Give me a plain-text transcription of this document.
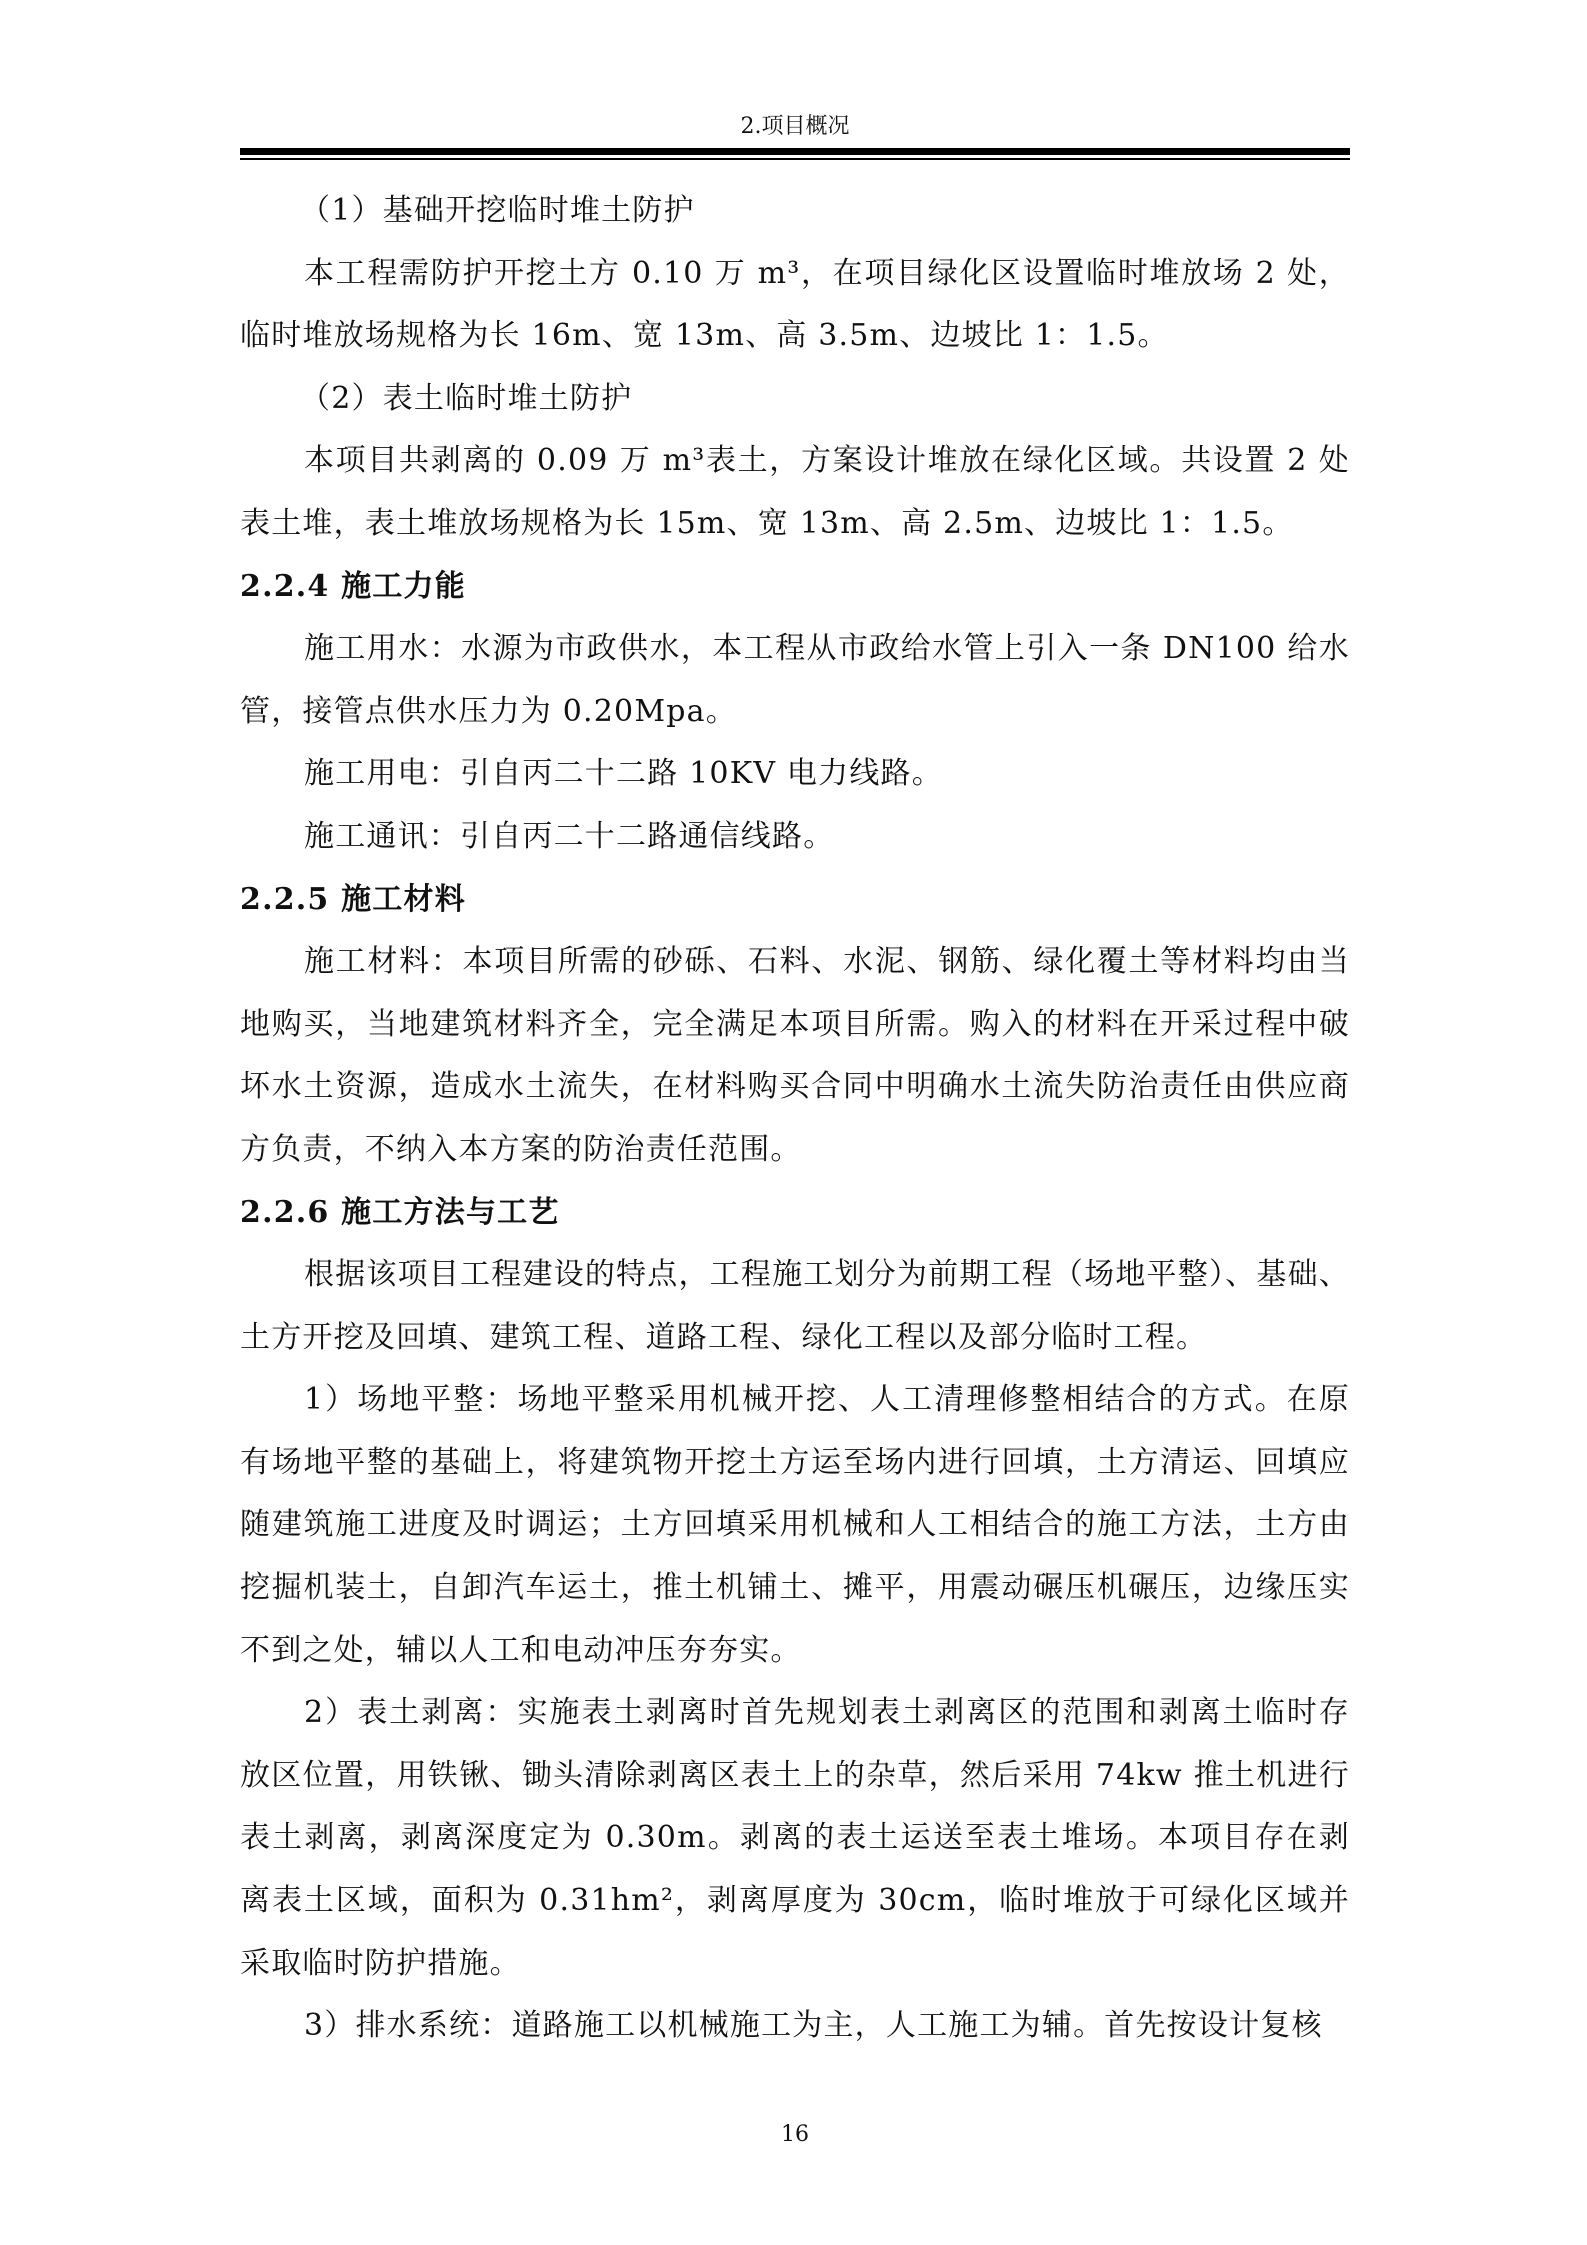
2.项目概况

（1）基础开挖临时堆土防护

本工程需防护开挖土方 0.10 万 m³，在项目绿化区设置临时堆放场 2 处，临时堆放场规格为长 16m、宽 13m、高 3.5m、边坡比 1：1.5。

（2）表土临时堆土防护

本项目共剥离的 0.09 万 m³表土，方案设计堆放在绿化区域。共设置 2 处表土堆，表土堆放场规格为长 15m、宽 13m、高 2.5m、边坡比 1：1.5。

2.2.4 施工力能

施工用水：水源为市政供水，本工程从市政给水管上引入一条 DN100 给水管，接管点供水压力为 0.20Mpa。

施工用电：引自丙二十二路 10KV 电力线路。

施工通讯：引自丙二十二路通信线路。

2.2.5 施工材料

施工材料：本项目所需的砂砾、石料、水泥、钢筋、绿化覆土等材料均由当地购买，当地建筑材料齐全，完全满足本项目所需。购入的材料在开采过程中破坏水土资源，造成水土流失，在材料购买合同中明确水土流失防治责任由供应商方负责，不纳入本方案的防治责任范围。

2.2.6 施工方法与工艺

根据该项目工程建设的特点，工程施工划分为前期工程（场地平整）、基础、土方开挖及回填、建筑工程、道路工程、绿化工程以及部分临时工程。

1）场地平整：场地平整采用机械开挖、人工清理修整相结合的方式。在原有场地平整的基础上，将建筑物开挖土方运至场内进行回填，土方清运、回填应随建筑施工进度及时调运；土方回填采用机械和人工相结合的施工方法，土方由挖掘机装土，自卸汽车运土，推土机铺土、摊平，用震动碾压机碾压，边缘压实不到之处，辅以人工和电动冲压夯夯实。

2）表土剥离：实施表土剥离时首先规划表土剥离区的范围和剥离土临时存放区位置，用铁锹、锄头清除剥离区表土上的杂草，然后采用 74kw 推土机进行表土剥离，剥离深度定为 0.30m。剥离的表土运送至表土堆场。本项目存在剥离表土区域，面积为 0.31hm²，剥离厚度为 30cm，临时堆放于可绿化区域并采取临时防护措施。

3）排水系统：道路施工以机械施工为主，人工施工为辅。首先按设计复核

16
